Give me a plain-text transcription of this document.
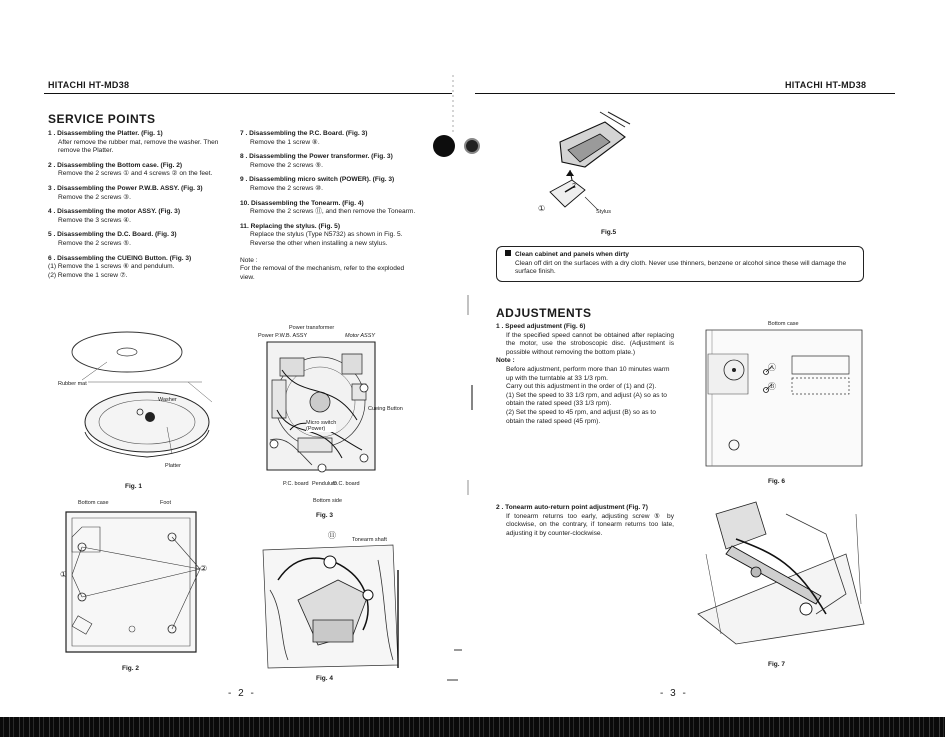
HITACHI HT-MD38	HITACHI HT-MD38
SERVICE POINTS
1 . Disassembling the Platter. (Fig. 1)
After remove the rubber mat, remove the washer. Then remove the Platter.
2 . Disassembling the Bottom case. (Fig. 2)
Remove the 2 screws ① and 4 screws ② on the feet.
3 . Disassembling the Power P.W.B. ASSY. (Fig. 3)
Remove the 2 screws ③.
4 . Disassembling the motor ASSY. (Fig. 3)
Remove the 3 screws ④.
5 . Disassembling the D.C. Board. (Fig. 3)
Remove the 2 screws ⑤.
6 . Disassembling the CUEING Button. (Fig. 3)
(1) Remove the 1 screws ⑥ and pendulum.
(2) Remove the 1 screw ⑦.
7 . Disassembling the P.C. Board. (Fig. 3)
Remove the 1 screw ⑧.
8 . Disassembling the Power transformer. (Fig. 3)
Remove the 2 screws ⑨.
9 . Disassembling micro switch (POWER). (Fig. 3)
Remove the 2 screws ⑩.
10. Disassembling the Tonearm. (Fig. 4)
Remove the 2 screws ⑪, and then remove the Tonearm.
11. Replacing the stylus. (Fig. 5)
Replace the stylus (Type N5732) as shown in Fig. 5. Reverse the other when installing a new stylus.
Note :
For the removal of the mechanism, refer to the exploded view.
Rubber mat
Washer
Platter
Fig. 1
Bottom case	Foot
①
②
Fig. 2
Power transformer
Power P.W.B. ASSY	Motor ASSY
Cueing Button
Micro switch
(Power)
P.C. board Pendulum
D.C. board
Bottom side
Fig. 3
Tonearm shaft
⑪
Fig. 4
- 2 -
2
①	Stylus
Fig.5
Clean cabinet and panels when dirty
Clean off dirt on the surfaces with a dry cloth. Never use thinners, benzene or alcohol since these will damage the surface finish.
ADJUSTMENTS
1 . Speed adjustment (Fig. 6)
If the specified speed cannot be obtained after replacing the motor, use the stroboscopic disc. (Adjustment is possible without removing the bottom plate.)
Note :
Before adjustment, perform more than 10 minutes warm up with the turntable at 33 1/3 rpm.
Carry out this adjustment in the order of (1) and (2).
(1) Set the speed to 33 1/3 rpm, and adjust (A) so as to obtain the rated speed (33 1/3 rpm).
(2) Set the speed to 45 rpm, and adjust (B) so as to obtain the rated speed (45 rpm).
2 . Tonearm auto-return point adjustment (Fig. 7)
If tonearm returns too early, adjusting screw ⑤ by clockwise, on the contrary, if tonearm returns too late, adjusting it by counter-clockwise.
Bottom case
Ⓐ
Ⓑ
Fig. 6
Fig. 7
- 3 -
